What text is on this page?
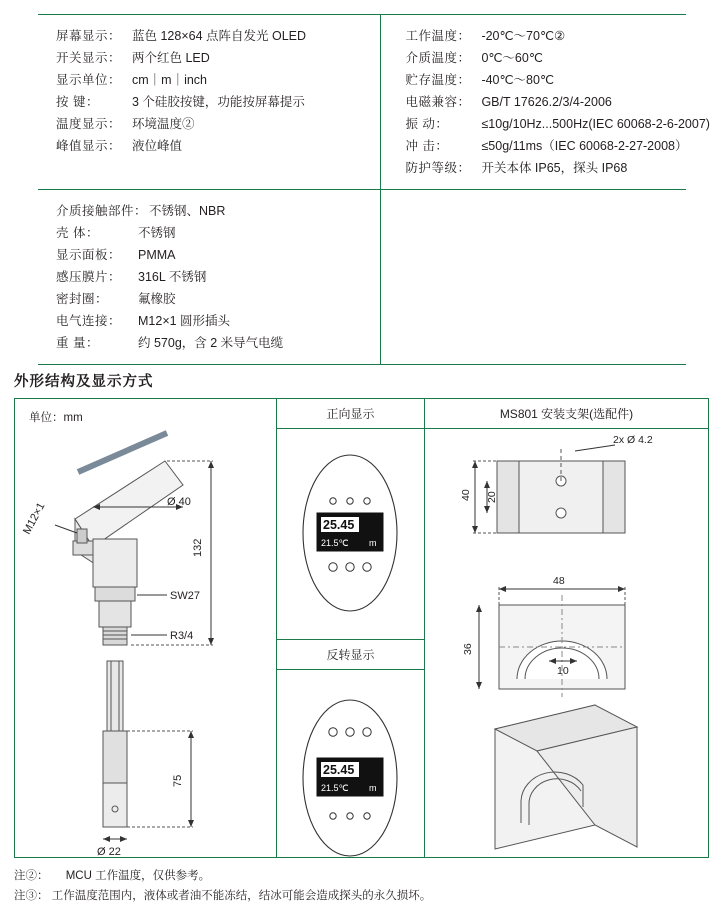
屏幕显示： 蓝色 128×64 点阵自发光 OLED
开关显示： 两个红色 LED
显示单位： cm｜m｜inch
按 键：	3 个硅胶按键，功能按屏幕提示
温度显示： 环境温度②
峰值显示： 液位峰值
工作温度： -20℃～70℃②
介质温度： 0℃～60℃
贮存温度： -40℃～80℃
电磁兼容： GB/T 17626.2/3/4-2006
振 动：	≤10g/10Hz...500Hz(IEC 60068-2-6-2007)
冲 击：	≤50g/11ms（IEC 60068-2-27-2008）
防护等级： 开关本体 IP65，探头 IP68
介质接触部件： 不锈钢、NBR
壳 体：	不锈钢
显示面板：	PMMA
感压膜片：	316L 不锈钢
密封圈：	氟橡胶
电气连接：	M12×1 圆形插头
重 量：	约 570g，含 2 米导气电缆
外形结构及显示方式
单位：mm
Ø 40
132
SW27
R3/4
75
Ø 22
M12×1
正向显示
25.45
21.5℃ m
反转显示
25.45
21.5℃ m
MS801 安装支架(选配件)
2x Ø 4.2
40 20
48
36
10
注②： MCU 工作温度，仅供参考。
注③： 工作温度范围内，液体或者油不能冻结，结冰可能会造成探头的永久损坏。
